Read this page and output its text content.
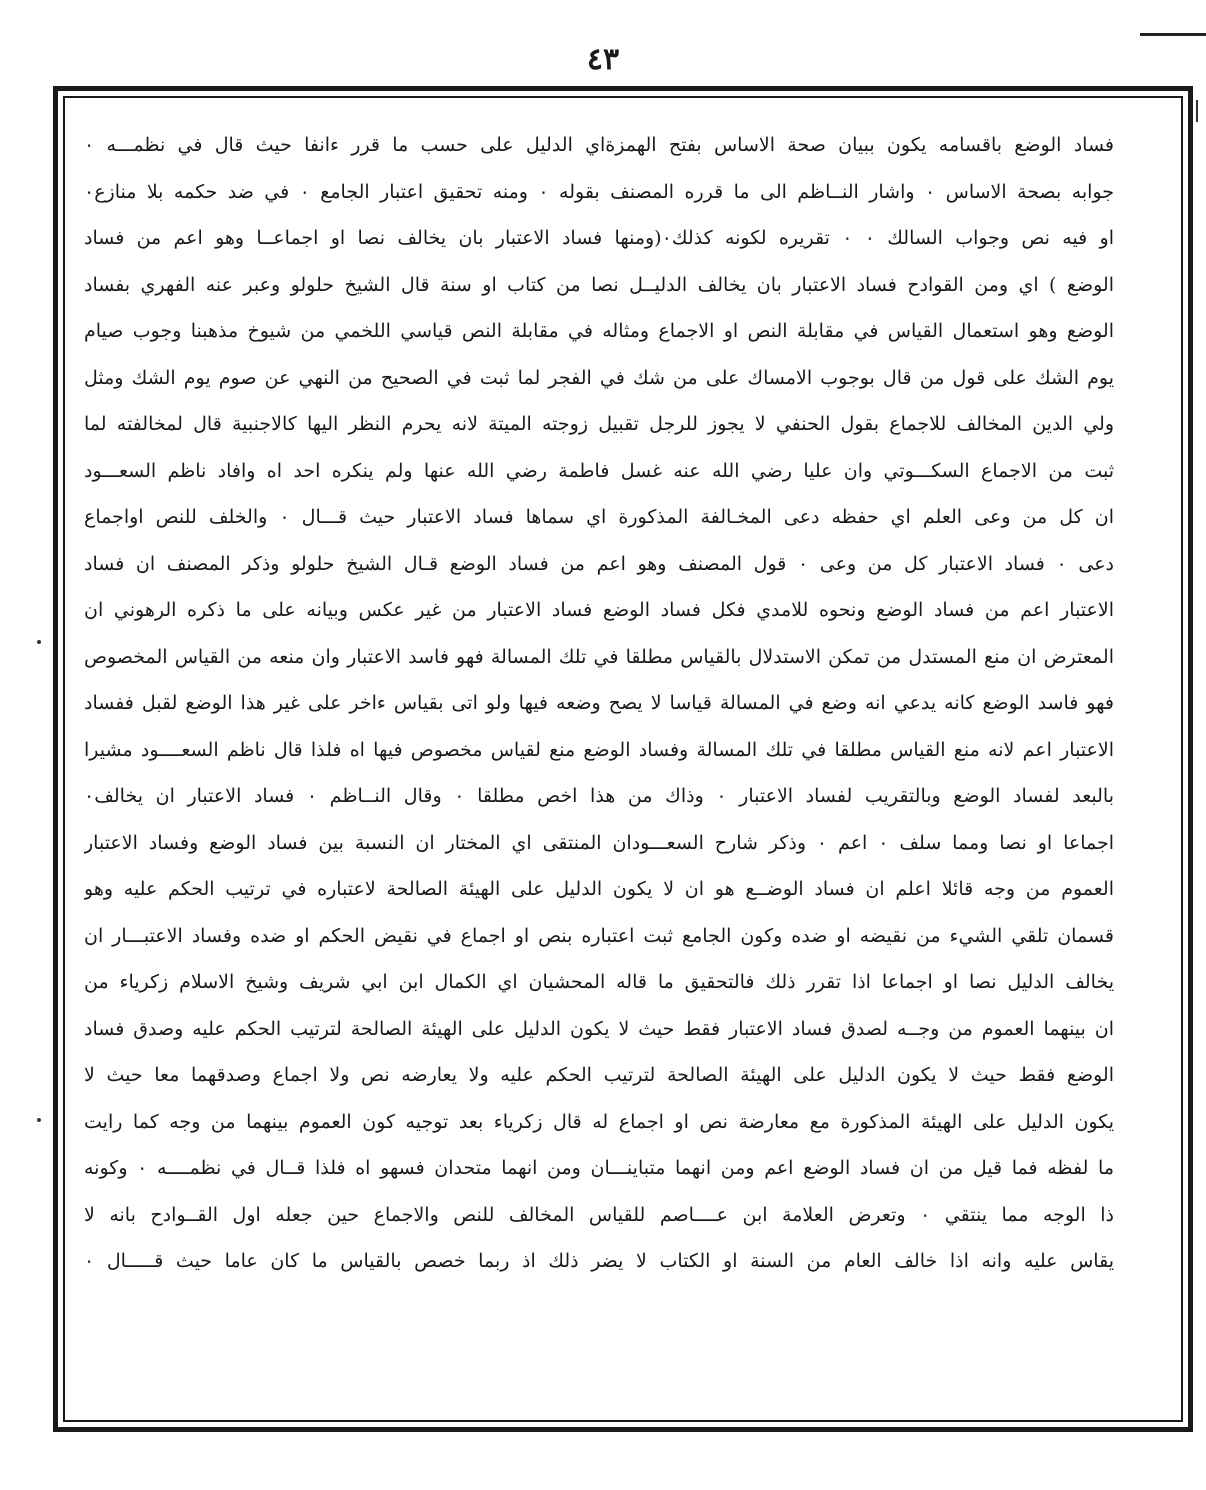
٤٣
فساد الوضع باقسامه يكون ببيان صحة الاساس بفتح الهمزةاي الدليل على حسب ما قرر ءانفا حيث قال في نظمـــه ٠
جوابه بصحة الاساس ٠ واشار النــاظم الى ما قرره المصنف بقوله ٠ ومنه تحقيق اعتبار الجامع ٠ في ضد حكمه بلا منازع٠
او فيه نص وجواب السالك ٠ ٠ تقريره لكونه كذلك٠(ومنها فساد الاعتبار بان يخالف نصا او اجماعــا وهو اعم من فساد
الوضع ) اي ومن القوادح فساد الاعتبار بان يخالف الدليــل نصا من كتاب او سنة قال الشيخ حلولو وعبر عنه الفهري بفساد
الوضع وهو استعمال القياس في مقابلة النص او الاجماع ومثاله في مقابلة النص قياسي اللخمي من شيوخ مذهبنا وجوب صيام
يوم الشك على قول من قال بوجوب الامساك على من شك في الفجر لما ثبت في الصحيح من النهي عن صوم يوم الشك ومثل
ولي الدين المخالف للاجماع بقول الحنفي لا يجوز للرجل تقبيل زوجته الميتة لانه يحرم النظر اليها كالاجنبية قال لمخالفته لما
ثبت من الاجماع السكـــوتي وان عليا رضي الله عنه غسل فاطمة رضي الله عنها ولم ينكره احد اه وافاد ناظم السعـــود
ان كل من وعى العلم اي حفظه دعى المخـالفة المذكورة اي سماها فساد الاعتبار حيث قـــال ٠ والخلف للنص اواجماع
دعى ٠ فساد الاعتبار كل من وعى ٠ قول المصنف وهو اعم من فساد الوضع قـال الشيخ حلولو وذكر المصنف ان فساد
الاعتبار اعم من فساد الوضع ونحوه للامدي فكل فساد الوضع فساد الاعتبار من غير عكس وبيانه على ما ذكره الرهوني ان
المعترض ان منع المستدل من تمكن الاستدلال بالقياس مطلقا في تلك المسالة فهو فاسد الاعتبار وان منعه من القياس المخصوص
فهو فاسد الوضع كانه يدعي انه وضع في المسالة قياسا لا يصح وضعه فيها ولو اتى بقياس ءاخر على غير هذا الوضع لقبل ففساد
الاعتبار اعم لانه منع القياس مطلقا في تلك المسالة وفساد الوضع منع لقياس مخصوص فيها اه فلذا قال ناظم السعــــود مشيرا
بالبعد لفساد الوضع وبالتقريب لفساد الاعتبار ٠ وذاك من هذا اخص مطلقا ٠ وقال النــاظم ٠ فساد الاعتبار ان يخالف٠
اجماعا او نصا ومما سلف ٠ اعم ٠ وذكر شارح السعـــودان المنتقى اي المختار ان النسبة بين فساد الوضع وفساد الاعتبار
العموم من وجه قائلا اعلم ان فساد الوضــع هو ان لا يكون الدليل على الهيئة الصالحة لاعتباره في ترتيب الحكم عليه وهو
قسمان تلقي الشيء من نقيضه او ضده وكون الجامع ثبت اعتباره بنص او اجماع في نقيض الحكم او ضده وفساد الاعتبـــار ان
يخالف الدليل نصا او اجماعا اذا تقرر ذلك فالتحقيق ما قاله المحشيان اي الكمال ابن ابي شريف وشيخ الاسلام زكرياء من
ان بينهما العموم من وجــه لصدق فساد الاعتبار فقط حيث لا يكون الدليل على الهيئة الصالحة لترتيب الحكم عليه وصدق فساد
الوضع فقط حيث لا يكون الدليل على الهيئة الصالحة لترتيب الحكم عليه ولا يعارضه نص ولا اجماع وصدقهما معا حيث لا
يكون الدليل على الهيئة المذكورة مع معارضة نص او اجماع له قال زكرياء بعد توجيه كون العموم بينهما من وجه كما رايت
ما لفظه فما قيل من ان فساد الوضع اعم ومن انهما متباينـــان ومن انهما متحدان فسهو اه فلذا قــال في نظمــــه ٠ وكونه
ذا الوجه مما ينتقي ٠ وتعرض العلامة ابن عــــاصم للقياس المخالف للنص والاجماع حين جعله اول القــوادح بانه لا
يقاس عليه وانه اذا خالف العام من السنة او الكتاب لا يضر ذلك اذ ربما خصص بالقياس ما كان عاما حيث قـــــال ٠
